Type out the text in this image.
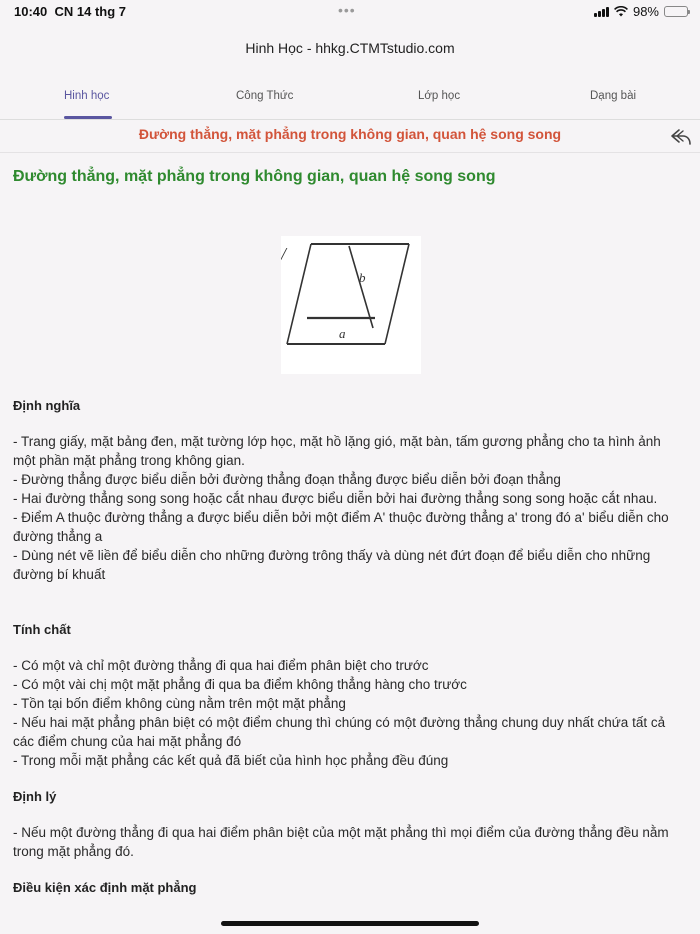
10:40 CN 14 thg 7	•••	98%
Hinh Học - hhkg.CTMTstudio.com
Hinh học	Công Thức	Lớp học	Dạng bài
Đường thẳng, mặt phẳng trong không gian, quan hệ song song
Đường thẳng, mặt phẳng trong không gian, quan hệ song song
/
b
a
Định nghĩa
- Trang giấy, mặt bảng đen, mặt tường lớp học, mặt hồ lặng gió, mặt bàn, tấm gương phẳng cho ta hình ảnh một phần mặt phẳng trong không gian.
- Đường thẳng được biểu diễn bởi đường thẳng đoạn thẳng được biểu diễn bởi đoạn thẳng
- Hai đường thẳng song song hoặc cắt nhau được biểu diễn bởi hai đường thẳng song song hoặc cắt nhau.
- Điểm A thuộc đường thẳng a được biểu diễn bởi một điểm A' thuộc đường thẳng a' trong đó a' biểu diễn cho đường thẳng a
- Dùng nét vẽ liền để biểu diễn cho những đường trông thấy và dùng nét đứt đoạn để biểu diễn cho những đường bí khuất
Tính chất
- Có một và chỉ một đường thẳng đi qua hai điểm phân biệt cho trước
- Có một vài chị một mặt phẳng đi qua ba điểm không thẳng hàng cho trước
- Tồn tại bốn điểm không cùng nằm trên một mặt phẳng
- Nếu hai mặt phẳng phân biệt có một điểm chung thì chúng có một đường thẳng chung duy nhất chứa tất cả các điểm chung của hai mặt phẳng đó
- Trong mỗi mặt phẳng các kết quả đã biết của hình học phẳng đều đúng
Định lý
- Nếu một đường thẳng đi qua hai điểm phân biệt của một mặt phẳng thì mọi điểm của đường thẳng đều nằm trong mặt phẳng đó.
Điều kiện xác định mặt phẳng
